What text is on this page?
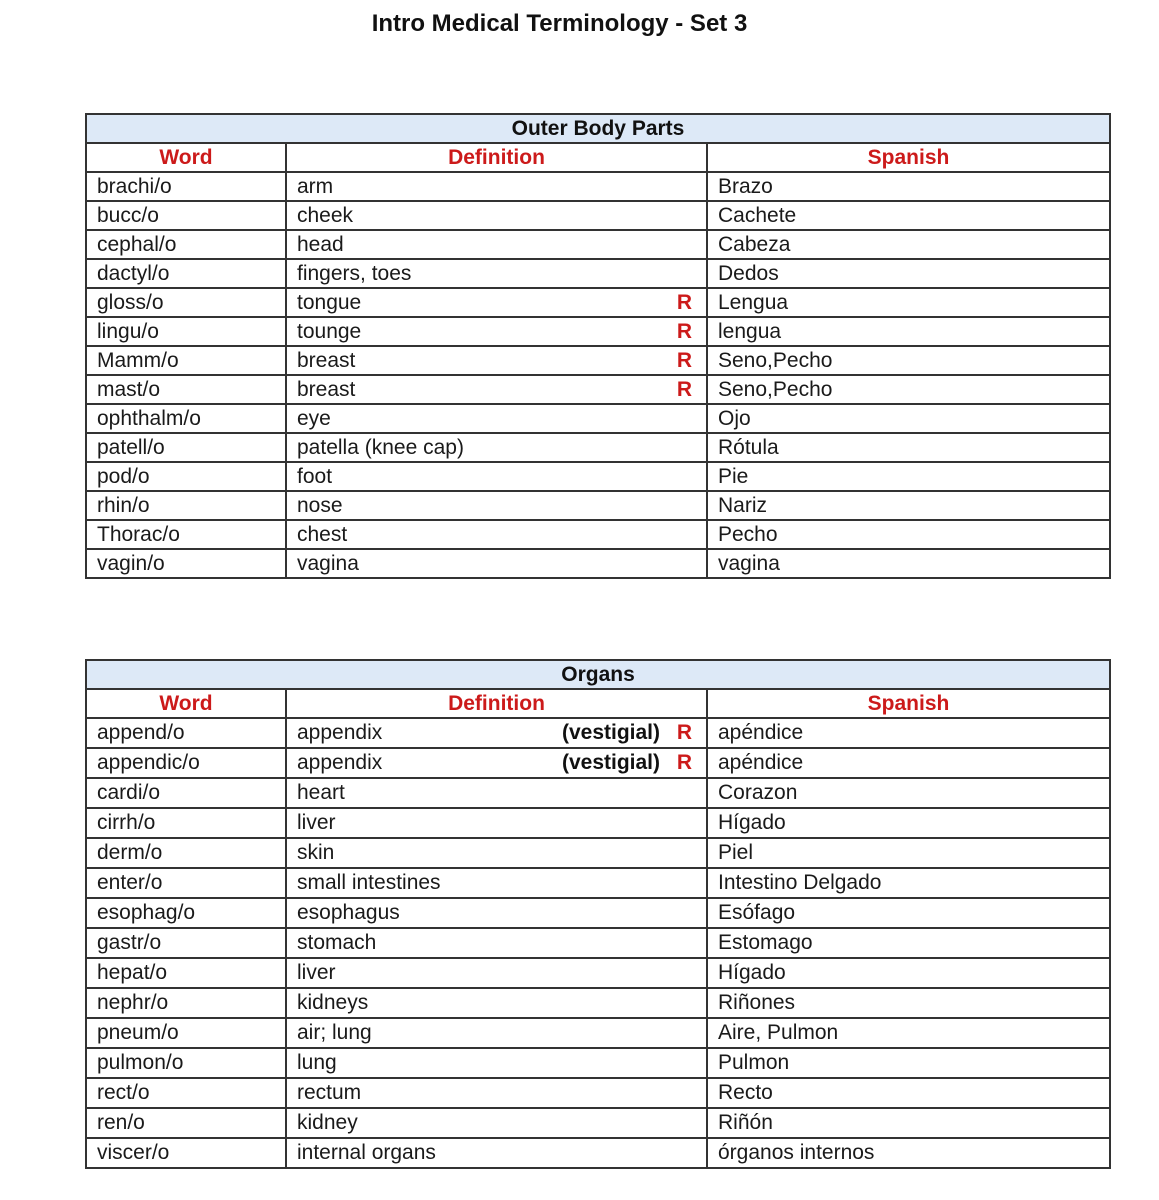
Intro Medical Terminology - Set 3
Outer Body Parts		
Word	Definition	Spanish
brachi/o	arm	Brazo
bucc/o	cheek	Cachete
cephal/o	head	Cabeza
dactyl/o	fingers, toes	Dedos
gloss/o	tongue R	Lengua
lingu/o	tounge R	lengua
Mamm/o	breast R	Seno,Pecho
mast/o	breast R	Seno,Pecho
ophthalm/o	eye	Ojo
patell/o	patella (knee cap)	Rótula
pod/o	foot	Pie
rhin/o	nose	Nariz
Thorac/o	chest	Pecho
vagin/o	vagina	vagina
Organs		
Word	Definition	Spanish
append/o	appendix (vestigial) R	apéndice
appendic/o	appendix (vestigial) R	apéndice
cardi/o	heart	Corazon
cirrh/o	liver	Hígado
derm/o	skin	Piel
enter/o	small intestines	Intestino Delgado
esophag/o	esophagus	Esófago
gastr/o	stomach	Estomago
hepat/o	liver	Hígado
nephr/o	kidneys	Riñones
pneum/o	air; lung	Aire, Pulmon
pulmon/o	lung	Pulmon
rect/o	rectum	Recto
ren/o	kidney	Riñón
viscer/o	internal organs	órganos internos
